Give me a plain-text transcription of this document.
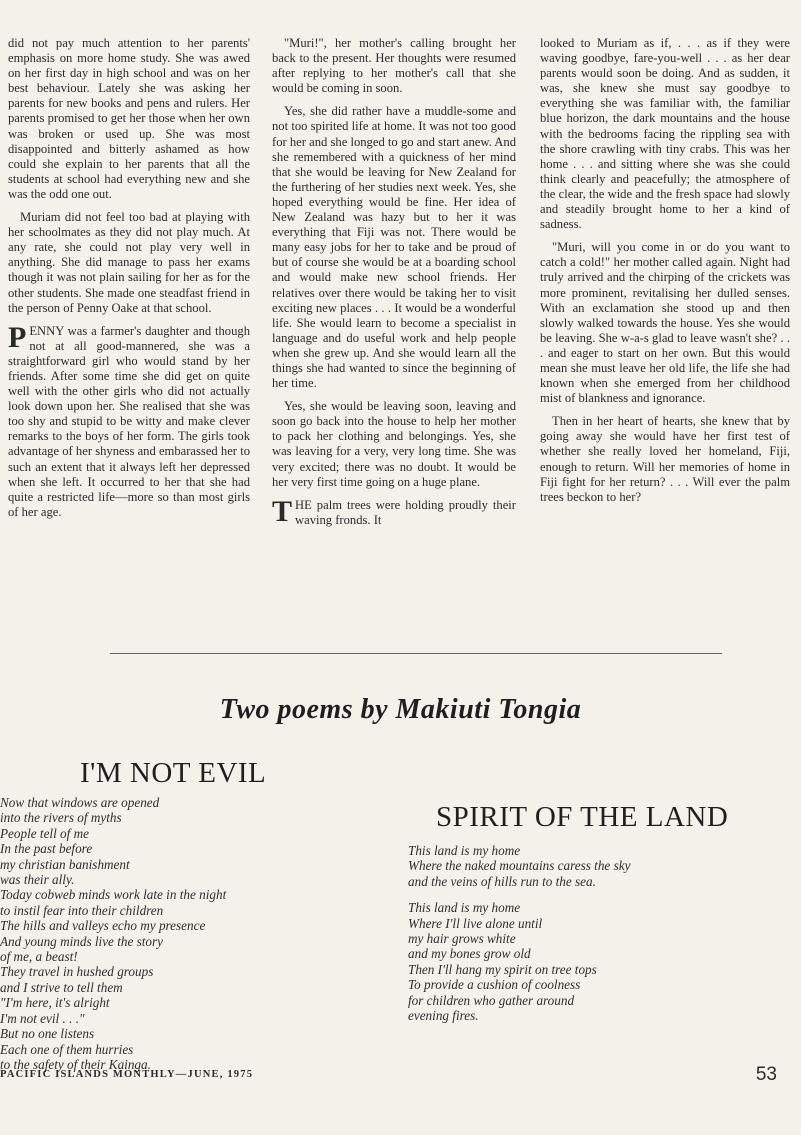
did not pay much attention to her parents' emphasis on more home study. She was awed on her first day in high school and was on her best behaviour. Lately she was asking her parents for new books and pens and rulers. Her parents promised to get her those when her own was broken or used up. She was most disappointed and bitterly ashamed as how could she explain to her parents that all the students at school had everything new and she was the odd one out.

Muriam did not feel too bad at playing with her schoolmates as they did not play much. At any rate, she could not play very well in anything. She did manage to pass her exams though it was not plain sailing for her as for the other students. She made one steadfast friend in the person of Penny Oake at that school.

PENNY was a farmer's daughter and though not at all good-mannered, she was a straightforward girl who would stand by her friends. After some time she did get on quite well with the other girls who did not actually look down upon her. She realised that she was too shy and stupid to be witty and make clever remarks to the boys of her form. The girls took advantage of her shyness and embarassed her to such an extent that it always left her depressed when she left. It occurred to her that she had quite a restricted life—more so than most girls of her age.

"Muri!", her mother's calling brought her back to the present. Her thoughts were resumed after replying to her mother's call that she would be coming in soon.

Yes, she did rather have a muddle-some and not too spirited life at home. It was not too good for her and she longed to go and start anew. And she remembered with a quickness of her mind that she would be leaving for New Zealand for the furthering of her studies next week. Yes, she hoped everything would be fine. Her idea of New Zealand was hazy but to her it was everything that Fiji was not. There would be many easy jobs for her to take and be proud of but of course she would be at a boarding school and would make new school friends. Her relatives over there would be taking her to visit exciting new places . . . It would be a wonderful life. She would learn to become a specialist in language and do useful work and help people when she grew up. And she would learn all the things she had wanted to since the beginning of her time.

Yes, she would be leaving soon, leaving and soon go back into the house to help her mother to pack her clothing and belongings. Yes, she was leaving for a very, very long time. She was very excited; there was no doubt. It would be her very first time going on a huge plane.

THE palm trees were holding proudly their waving fronds. It

looked to Muriam as if, . . . as if they were waving goodbye, fare-you-well . . . as her dear parents would soon be doing. And as sudden, it was, she knew she must say goodbye to everything she was familiar with, the familiar blue horizon, the dark mountains and the house with the bedrooms facing the rippling sea with the shore crawling with tiny crabs. This was her home . . . and sitting where she was she could think clearly and peacefully; the atmosphere of the clear, the wide and the fresh space had slowly and steadily brought home to her a kind of sadness.

"Muri, will you come in or do you want to catch a cold!" her mother called again. Night had truly arrived and the chirping of the crickets was more prominent, revitalising her dulled senses. With an exclamation she stood up and then slowly walked towards the house. Yes she would be leaving. She w-a-s glad to leave wasn't she? . . . and eager to start on her own. But this would mean she must leave her old life, the life she had known when she emerged from her childhood mist of blankness and ignorance.

Then in her heart of hearts, she knew that by going away she would have her first test of whether she really loved her homeland, Fiji, enough to return. Will her memories of home in Fiji fight for her return? . . . Will ever the palm trees beckon to her?

Two poems by Makiuti Tongia
I'M NOT EVIL
Now that windows are opened
into the rivers of myths
People tell of me
In the past before
my christian banishment
was their ally.
Today cobweb minds work late in the night
to instil fear into their children
The hills and valleys echo my presence
And young minds live the story
of me, a beast!
They travel in hushed groups
and I strive to tell them
"I'm here, it's alright
I'm not evil . . ."
But no one listens
Each one of them hurries
to the safety of their Kainga.
SPIRIT OF THE LAND
This land is my home
Where the naked mountains caress the sky
and the veins of hills run to the sea.
This land is my home
Where I'll live alone until
my hair grows white
and my bones grow old
Then I'll hang my spirit on tree tops
To provide a cushion of coolness
for children who gather around
evening fires.
PACIFIC ISLANDS MONTHLY—JUNE, 1975	53
